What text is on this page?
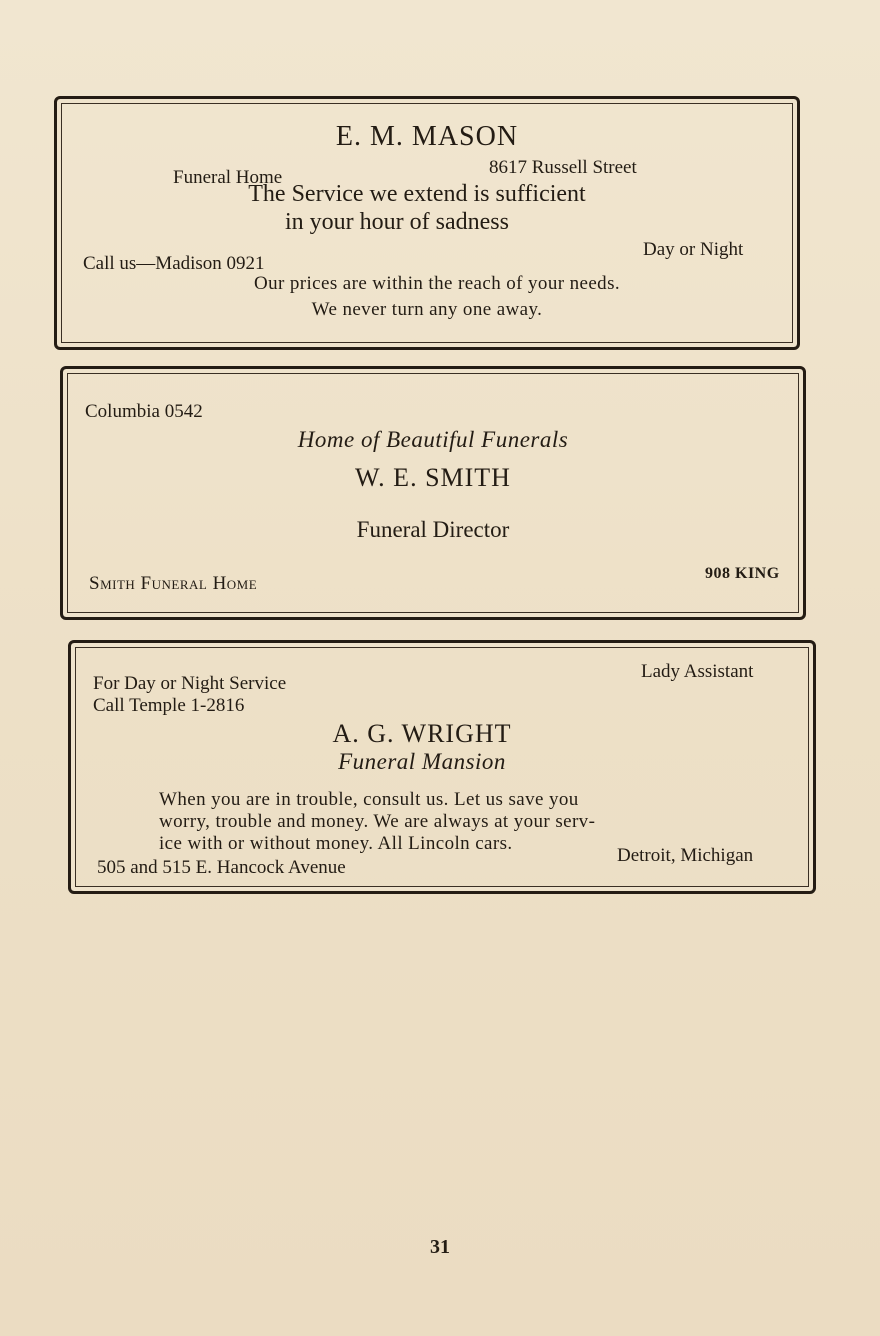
E. M. MASON
Funeral Home	8617 Russell Street
The Service we extend is sufficient
in your hour of sadness
Call us—Madison 0921
Day or Night
Our prices are within the reach of your needs.
We never turn any one away.
Columbia 0542
Home of Beautiful Funerals
W. E. SMITH
Funeral Director
Smith Funeral Home	908 KING
For Day or Night Service
Call Temple 1-2816
Lady Assistant
A. G. WRIGHT
Funeral Mansion
When you are in trouble, consult us. Let us save you
worry, trouble and money. We are always at your serv-
ice with or without money. All Lincoln cars.
505 and 515 E. Hancock Avenue
Detroit, Michigan
31
